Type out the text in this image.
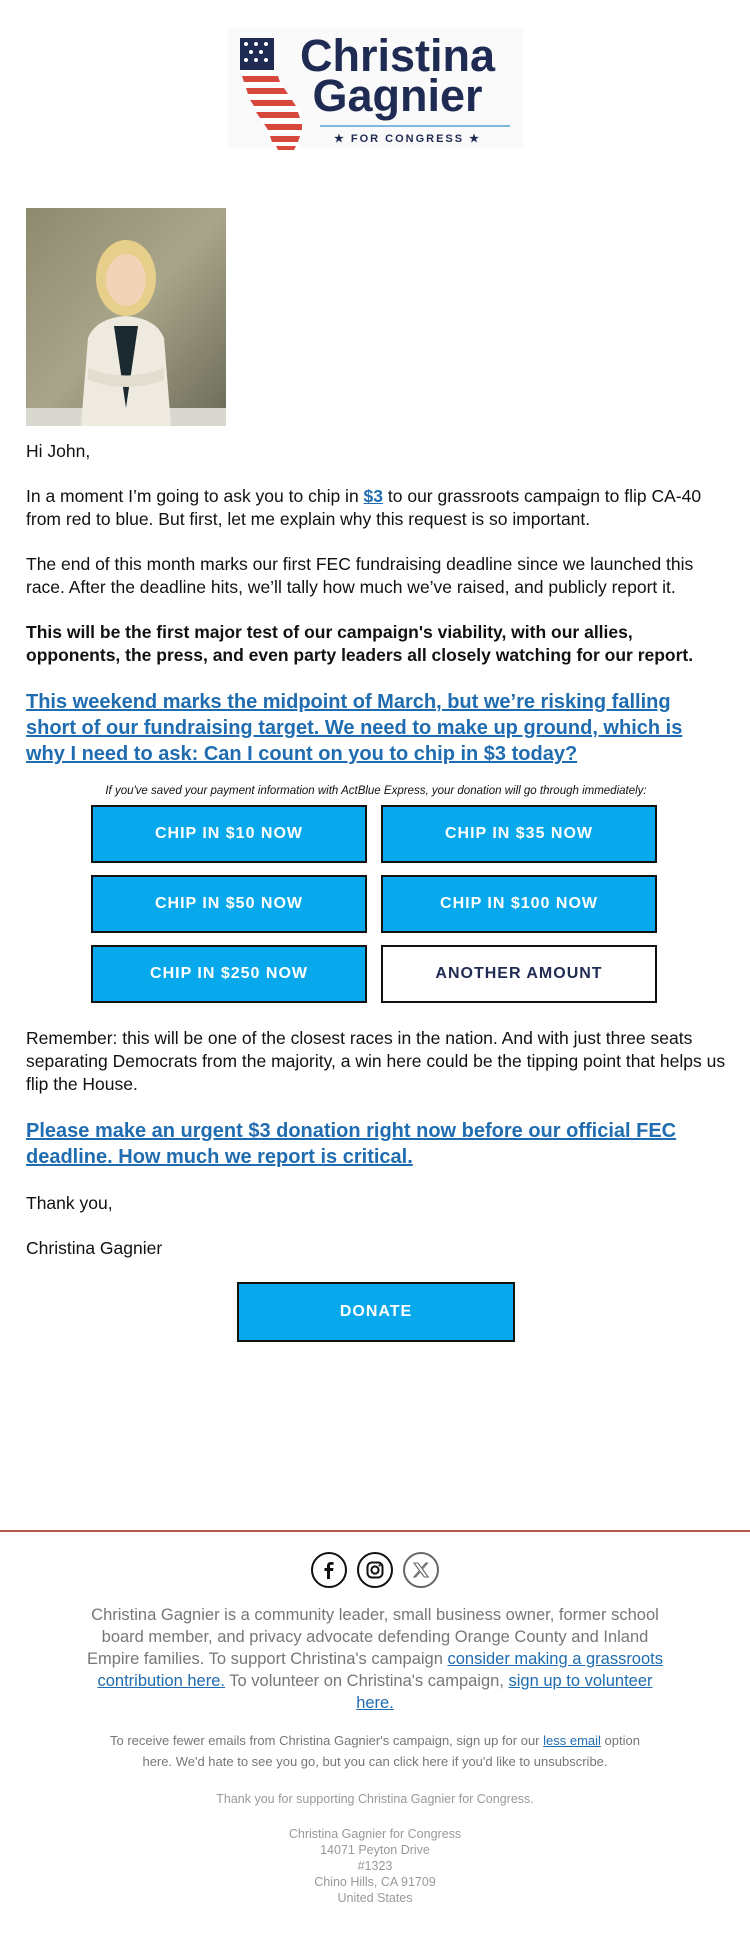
Christina
Gagnier
★ FOR CONGRESS ★

Hi John,

In a moment I’m going to ask you to chip in $3 to our grassroots campaign to flip CA-40 from red to blue. But first, let me explain why this request is so important.

The end of this month marks our first FEC fundraising deadline since we launched this race. After the deadline hits, we’ll tally how much we’ve raised, and publicly report it.

This will be the first major test of our campaign's viability, with our allies, opponents, the press, and even party leaders all closely watching for our report.

This weekend marks the midpoint of March, but we’re risking falling short of our fundraising target. We need to make up ground, which is why I need to ask: Can I count on you to chip in $3 today?

If you've saved your payment information with ActBlue Express, your donation will go through immediately:
CHIP IN $10 NOW	CHIP IN $35 NOW
CHIP IN $50 NOW	CHIP IN $100 NOW
CHIP IN $250 NOW	ANOTHER AMOUNT

Remember: this will be one of the closest races in the nation. And with just three seats separating Democrats from the majority, a win here could be the tipping point that helps us flip the House.

Please make an urgent $3 donation right now before our official FEC deadline. How much we report is critical.

Thank you,

Christina Gagnier

DONATE
Christina Gagnier is a community leader, small business owner, former school board member, and privacy advocate defending Orange County and Inland Empire families. To support Christina's campaign consider making a grassroots contribution here. To volunteer on Christina's campaign, sign up to volunteer here.
To receive fewer emails from Christina Gagnier's campaign, sign up for our less email option here. We'd hate to see you go, but you can click here if you'd like to unsubscribe.
Thank you for supporting Christina Gagnier for Congress.
Christina Gagnier for Congress
14071 Peyton Drive
#1323
Chino Hills, CA 91709
United States
